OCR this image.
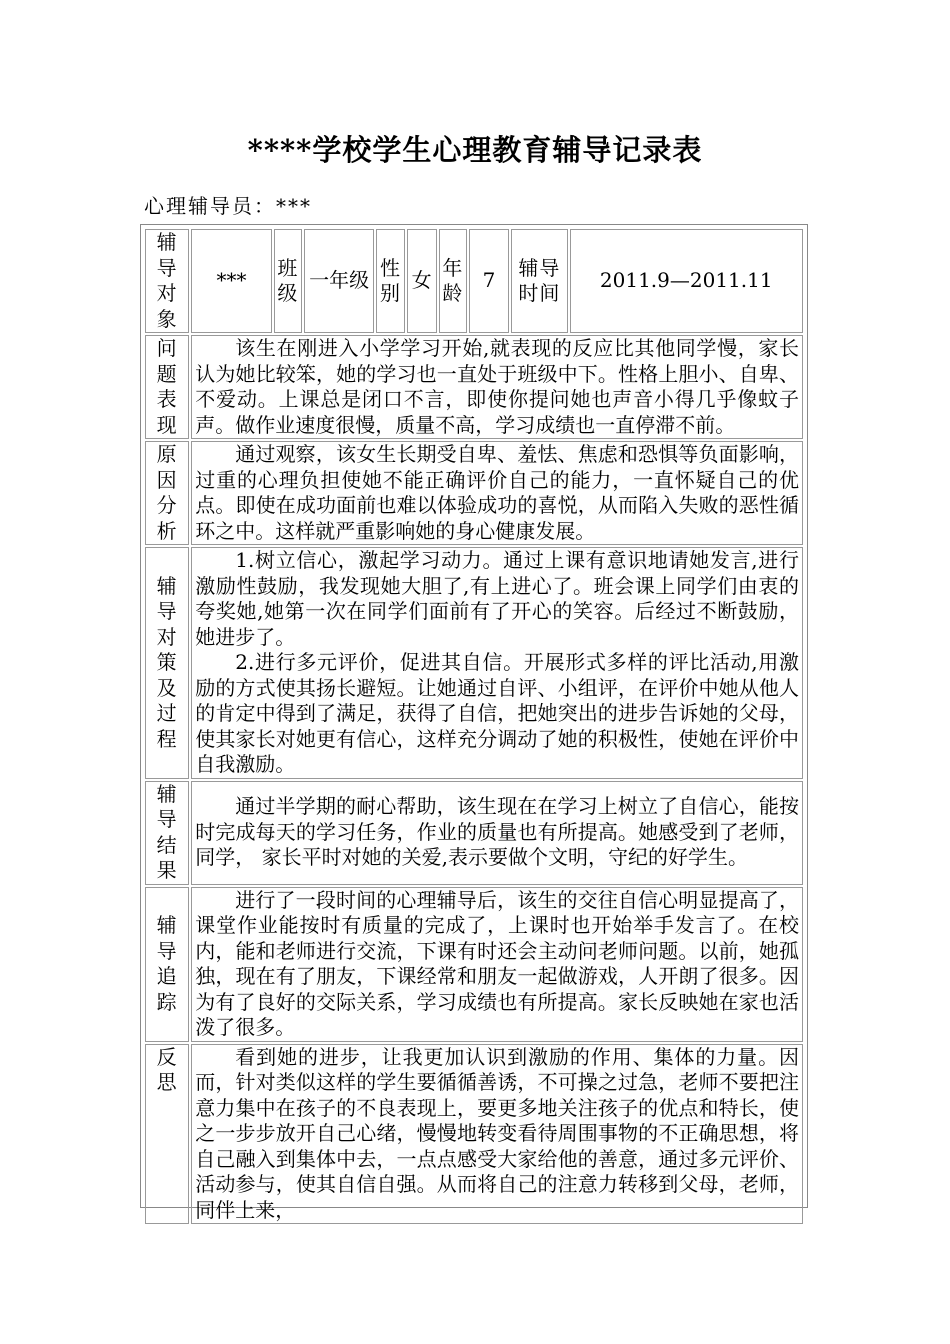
****学校学生心理教育辅导记录表
心理辅导员：***
辅导对象	***	班级	一年级	性别	女	年龄	7	辅导时间	2011.9—2011.11
问题表现	该生在刚进入小学学习开始,就表现的反应比其他同学慢，家长认为她比较笨，她的学习也一直处于班级中下。性格上胆小、自卑、不爱动。上课总是闭口不言，即使你提问她也声音小得几乎像蚊子声。做作业速度很慢，质量不高，学习成绩也一直停滞不前。								

原因分析	通过观察，该女生长期受自卑、羞怯、焦虑和恐惧等负面影响，过重的心理负担使她不能正确评价自己的能力，一直怀疑自己的优点。即使在成功面前也难以体验成功的喜悦，从而陷入失败的恶性循环之中。这样就严重影响她的身心健康发展。								

辅导对策及过程	1.树立信心，激起学习动力。通过上课有意识地请她发言,进行激励性鼓励，我发现她大胆了,有上进心了。班会课上同学们由衷的夸奖她,她第一次在同学们面前有了开心的笑容。后经过不断鼓励， 她进步了。

2.进行多元评价，促进其自信。开展形式多样的评比活动,用激励的方式使其扬长避短。让她通过自评、小组评，在评价中她从他人的肯定中得到了满足，获得了自信，把她突出的进步告诉她的父母，使其家长对她更有信心，这样充分调动了她的积极性，使她在评价中自我激励。								

辅导结果	通过半学期的耐心帮助，该生现在在学习上树立了自信心，能按时完成每天的学习任务，作业的质量也有所提高。她感受到了老师，同学， 家长平时对她的关爱,表示要做个文明，守纪的好学生。								

辅导追踪	进行了一段时间的心理辅导后，该生的交往自信心明显提高了，课堂作业能按时有质量的完成了，上课时也开始举手发言了。在校内，能和老师进行交流，下课有时还会主动问老师问题。以前，她孤独，现在有了朋友，下课经常和朋友一起做游戏，人开朗了很多。因为有了良好的交际关系，学习成绩也有所提高。家长反映她在家也活泼了很多。								

反思	看到她的进步，让我更加认识到激励的作用、集体的力量。因而，针对类似这样的学生要循循善诱，不可操之过急，老师不要把注意力集中在孩子的不良表现上，要更多地关注孩子的优点和特长，使之一步步放开自己心绪，慢慢地转变看待周围事物的不正确思想，将自己融入到集体中去，一点点感受大家给他的善意，通过多元评价、活动参与，使其自信自强。从而将自己的注意力转移到父母，老师，同伴上来，								
